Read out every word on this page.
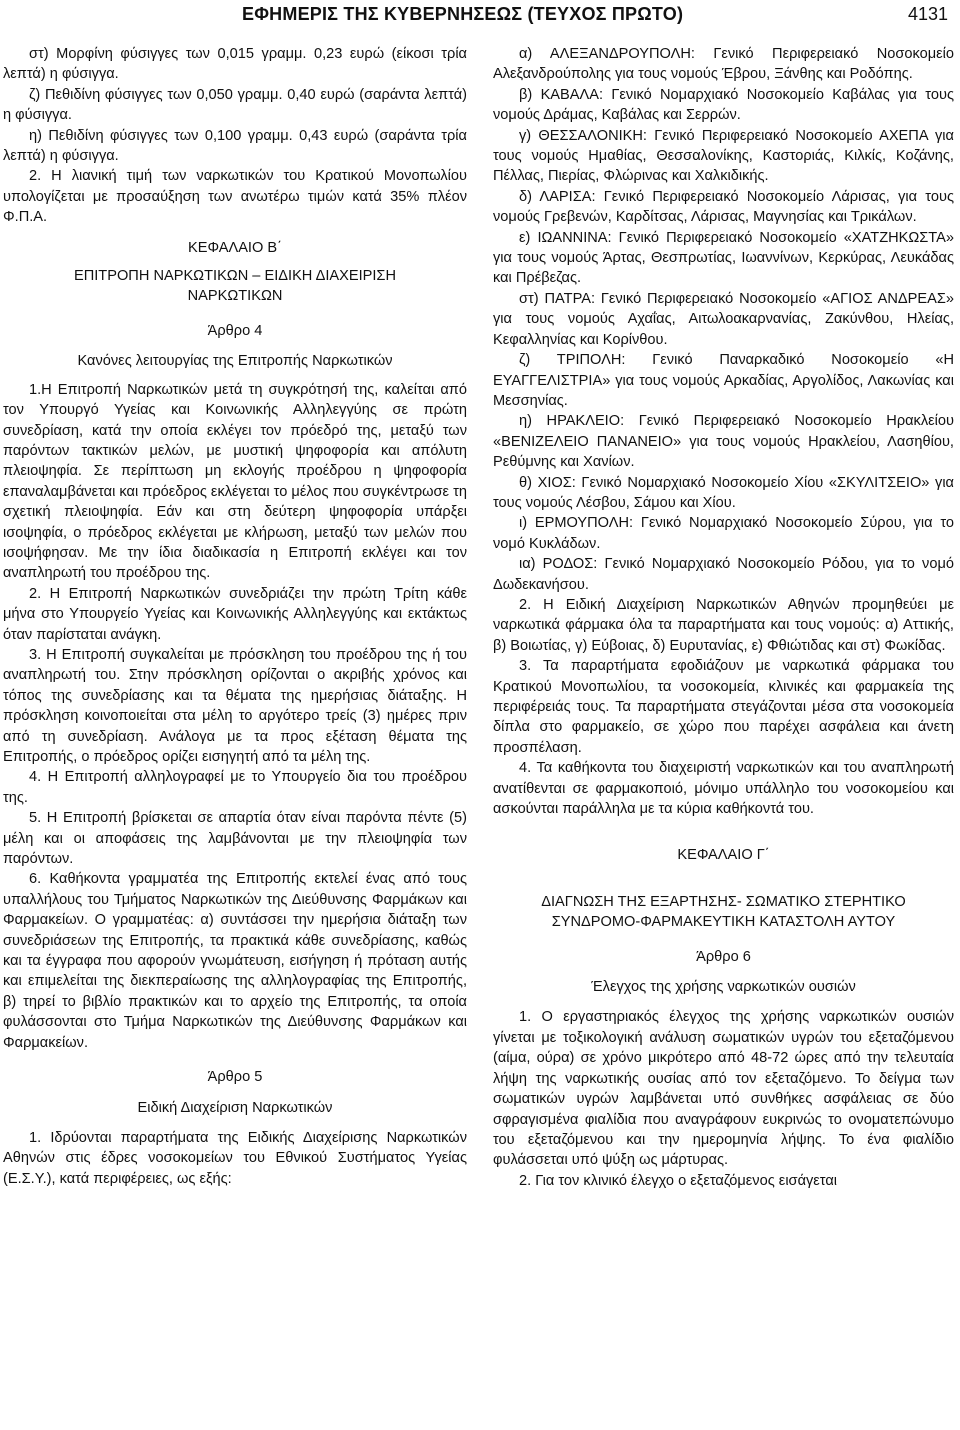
ΕΦΗΜΕΡΙΣ ΤΗΣ ΚΥΒΕΡΝΗΣΕΩΣ (ΤΕΥΧΟΣ ΠΡΩΤΟ)	4131

στ) Μορφίνη φύσιγγες των 0,015 γραμμ. 0,23 ευρώ (είκοσι τρία λεπτά) η φύσιγγα.

ζ) Πεθιδίνη φύσιγγες των 0,050 γραμμ. 0,40 ευρώ (σαράντα λεπτά) η φύσιγγα.

η) Πεθιδίνη φύσιγγες των 0,100 γραμμ. 0,43 ευρώ (σαράντα τρία λεπτά) η φύσιγγα.

2. Η λιανική τιμή των ναρκωτικών του Κρατικού Μονοπωλίου υπολογίζεται με προσαύξηση των ανωτέρω τιμών κατά 35% πλέον Φ.Π.Α.

ΚΕΦΑΛΑΙΟ Β΄

ΕΠΙΤΡΟΠΗ ΝΑΡΚΩΤΙΚΩΝ – ΕΙΔΙΚΗ ΔΙΑΧΕΙΡΙΣΗ ΝΑΡΚΩΤΙΚΩΝ

Άρθρο 4

Κανόνες λειτουργίας της Επιτροπής Ναρκωτικών

1.Η Επιτροπή Ναρκωτικών μετά τη συγκρότησή της, καλείται από τον Υπουργό Υγείας και Κοινωνικής Αλληλεγγύης σε πρώτη συνεδρίαση, κατά την οποία εκλέγει τον πρόεδρό της, μεταξύ των παρόντων τακτικών μελών, με μυστική ψηφοφορία και απόλυτη πλειοψηφία. Σε περίπτωση μη εκλογής προέδρου η ψηφοφορία επαναλαμβάνεται και πρόεδρος εκλέγεται το μέλος που συγκέντρωσε τη σχετική πλειοψηφία. Εάν και στη δεύτερη ψηφοφορία υπάρξει ισοψηφία, ο πρόεδρος εκλέγεται με κλήρωση, μεταξύ των μελών που ισοψήφησαν. Με την ίδια διαδικασία η Επιτροπή εκλέγει και τον αναπληρωτή του προέδρου της.

2. Η Επιτροπή Ναρκωτικών συνεδριάζει την πρώτη Τρίτη κάθε μήνα στο Υπουργείο Υγείας και Κοινωνικής Αλληλεγγύης και εκτάκτως όταν παρίσταται ανάγκη.

3. Η Επιτροπή συγκαλείται με πρόσκληση του προέδρου της ή του αναπληρωτή του. Στην πρόσκληση ορίζονται ο ακριβής χρόνος και τόπος της συνεδρίασης και τα θέματα της ημερήσιας διάταξης. Η πρόσκληση κοινοποιείται στα μέλη το αργότερο τρείς (3) ημέρες πριν από τη συνεδρίαση. Ανάλογα με τα προς εξέταση θέματα της Επιτροπής, ο πρόεδρος ορίζει εισηγητή από τα μέλη της.

4. Η Επιτροπή αλληλογραφεί με το Υπουργείο δια του προέδρου της.

5. Η Επιτροπή βρίσκεται σε απαρτία όταν είναι παρόντα πέντε (5) μέλη και οι αποφάσεις της λαμβάνονται με την πλειοψηφία των παρόντων.

6. Καθήκοντα γραμματέα της Επιτροπής εκτελεί ένας από τους υπαλλήλους του Τμήματος Ναρκωτικών της Διεύθυνσης Φαρμάκων και Φαρμακείων. Ο γραμματέας: α) συντάσσει την ημερήσια διάταξη των συνεδριάσεων της Επιτροπής, τα πρακτικά κάθε συνεδρίασης, καθώς και τα έγγραφα που αφορούν γνωμάτευση, εισήγηση ή πρόταση αυτής και επιμελείται της διεκπεραίωσης της αλληλογραφίας της Επιτροπής, β) τηρεί το βιβλίο πρακτικών και το αρχείο της Επιτροπής, τα οποία φυλάσσονται στο Τμήμα Ναρκωτικών της Διεύθυνσης Φαρμάκων και Φαρμακείων.

Άρθρο 5

Ειδική Διαχείριση Ναρκωτικών

1. Ιδρύονται παραρτήματα της Ειδικής Διαχείρισης Ναρκωτικών Αθηνών στις έδρες νοσοκομείων του Εθνικού Συστήματος Υγείας (Ε.Σ.Υ.), κατά περιφέρειες, ως εξής:

α) ΑΛΕΞΑΝΔΡΟΥΠΟΛΗ: Γενικό Περιφερειακό Νοσοκομείο Αλεξανδρούπολης για τους νομούς Έβρου, Ξάνθης και Ροδόπης.

β) ΚΑΒΑΛΑ: Γενικό Νομαρχιακό Νοσοκομείο Καβάλας για τους νομούς Δράμας, Καβάλας και Σερρών.

γ) ΘΕΣΣΑΛΟΝΙΚΗ: Γενικό Περιφερειακό Νοσοκομείο ΑΧΕΠΑ για τους νομούς Ημαθίας, Θεσσαλονίκης, Καστοριάς, Κιλκίς, Κοζάνης, Πέλλας, Πιερίας, Φλώρινας και Χαλκιδικής.

δ) ΛΑΡΙΣΑ: Γενικό Περιφερειακό Νοσοκομείο Λάρισας, για τους νομούς Γρεβενών, Καρδίτσας, Λάρισας, Μαγνησίας και Τρικάλων.

ε) ΙΩΑΝΝΙΝΑ: Γενικό Περιφερειακό Νοσοκομείο «ΧΑΤΖΗΚΩΣΤΑ» για τους νομούς Άρτας, Θεσπρωτίας, Ιωαννίνων, Κερκύρας, Λευκάδας και Πρέβεζας.

στ) ΠΑΤΡΑ: Γενικό Περιφερειακό Νοσοκομείο «ΑΓΙΟΣ ΑΝΔΡΕΑΣ» για τους νομούς Αχαΐας, Αιτωλοακαρνανίας, Ζακύνθου, Ηλείας, Κεφαλληνίας και Κορίνθου.

ζ) ΤΡΙΠΟΛΗ: Γενικό Παναρκαδικό Νοσοκομείο «Η ΕΥΑΓΓΕΛΙΣΤΡΙΑ» για τους νομούς Αρκαδίας, Αργολίδος, Λακωνίας και Μεσσηνίας.

η) ΗΡΑΚΛΕΙΟ: Γενικό Περιφερειακό Νοσοκομείο Ηρακλείου «ΒΕΝΙΖΕΛΕΙΟ ΠΑΝΑΝΕΙΟ» για τους νομούς Ηρακλείου, Λασηθίου, Ρεθύμνης και Χανίων.

θ) ΧΙΟΣ: Γενικό Νομαρχιακό Νοσοκομείο Χίου «ΣΚΥΛΙΤΣΕΙΟ» για τους νομούς Λέσβου, Σάμου και Χίου.

ι) ΕΡΜΟΥΠΟΛΗ: Γενικό Νομαρχιακό Νοσοκομείο Σύρου, για το νομό Κυκλάδων.

ια) ΡΟΔΟΣ: Γενικό Νομαρχιακό Νοσοκομείο Ρόδου, για το νομό Δωδεκανήσου.

2. Η Ειδική Διαχείριση Ναρκωτικών Αθηνών προμηθεύει με ναρκωτικά φάρμακα όλα τα παραρτήματα και τους νομούς: α) Αττικής, β) Βοιωτίας, γ) Εύβοιας, δ) Ευρυτανίας, ε) Φθιώτιδας και στ) Φωκίδας.

3. Τα παραρτήματα εφοδιάζουν με ναρκωτικά φάρμακα του Κρατικού Μονοπωλίου, τα νοσοκομεία, κλινικές και φαρμακεία της περιφέρειάς τους. Τα παραρτήματα στεγάζονται μέσα στα νοσοκομεία δίπλα στο φαρμακείο, σε χώρο που παρέχει ασφάλεια και άνετη προσπέλαση.

4. Τα καθήκοντα του διαχειριστή ναρκωτικών και του αναπληρωτή ανατίθενται σε φαρμακοποιό, μόνιμο υπάλληλο του νοσοκομείου και ασκούνται παράλληλα με τα κύρια καθήκοντά του.

ΚΕΦΑΛΑΙΟ Γ΄

ΔΙΑΓΝΩΣΗ ΤΗΣ ΕΞΑΡΤΗΣΗΣ- ΣΩΜΑΤΙΚΟ ΣΤΕΡΗΤΙΚΟ ΣΥΝΔΡΟΜΟ-ΦΑΡΜΑΚΕΥΤΙΚΗ ΚΑΤΑΣΤΟΛΗ ΑΥΤΟΥ

Άρθρο 6

Έλεγχος της χρήσης ναρκωτικών ουσιών

1. Ο εργαστηριακός έλεγχος της χρήσης ναρκωτικών ουσιών γίνεται με τοξικολογική ανάλυση σωματικών υγρών του εξεταζόμενου (αίμα, ούρα) σε χρόνο μικρότερο από 48-72 ώρες από την τελευταία λήψη της ναρκωτικής ουσίας από τον εξεταζόμενο. Το δείγμα των σωματικών υγρών λαμβάνεται υπό συνθήκες ασφάλειας σε δύο σφραγισμένα φιαλίδια που αναγράφουν ευκρινώς το ονοματεπώνυμο του εξεταζόμενου και την ημερομηνία λήψης. Το ένα φιαλίδιο φυλάσσεται υπό ψύξη ως μάρτυρας.

2. Για τον κλινικό έλεγχο ο εξεταζόμενος εισάγεται
